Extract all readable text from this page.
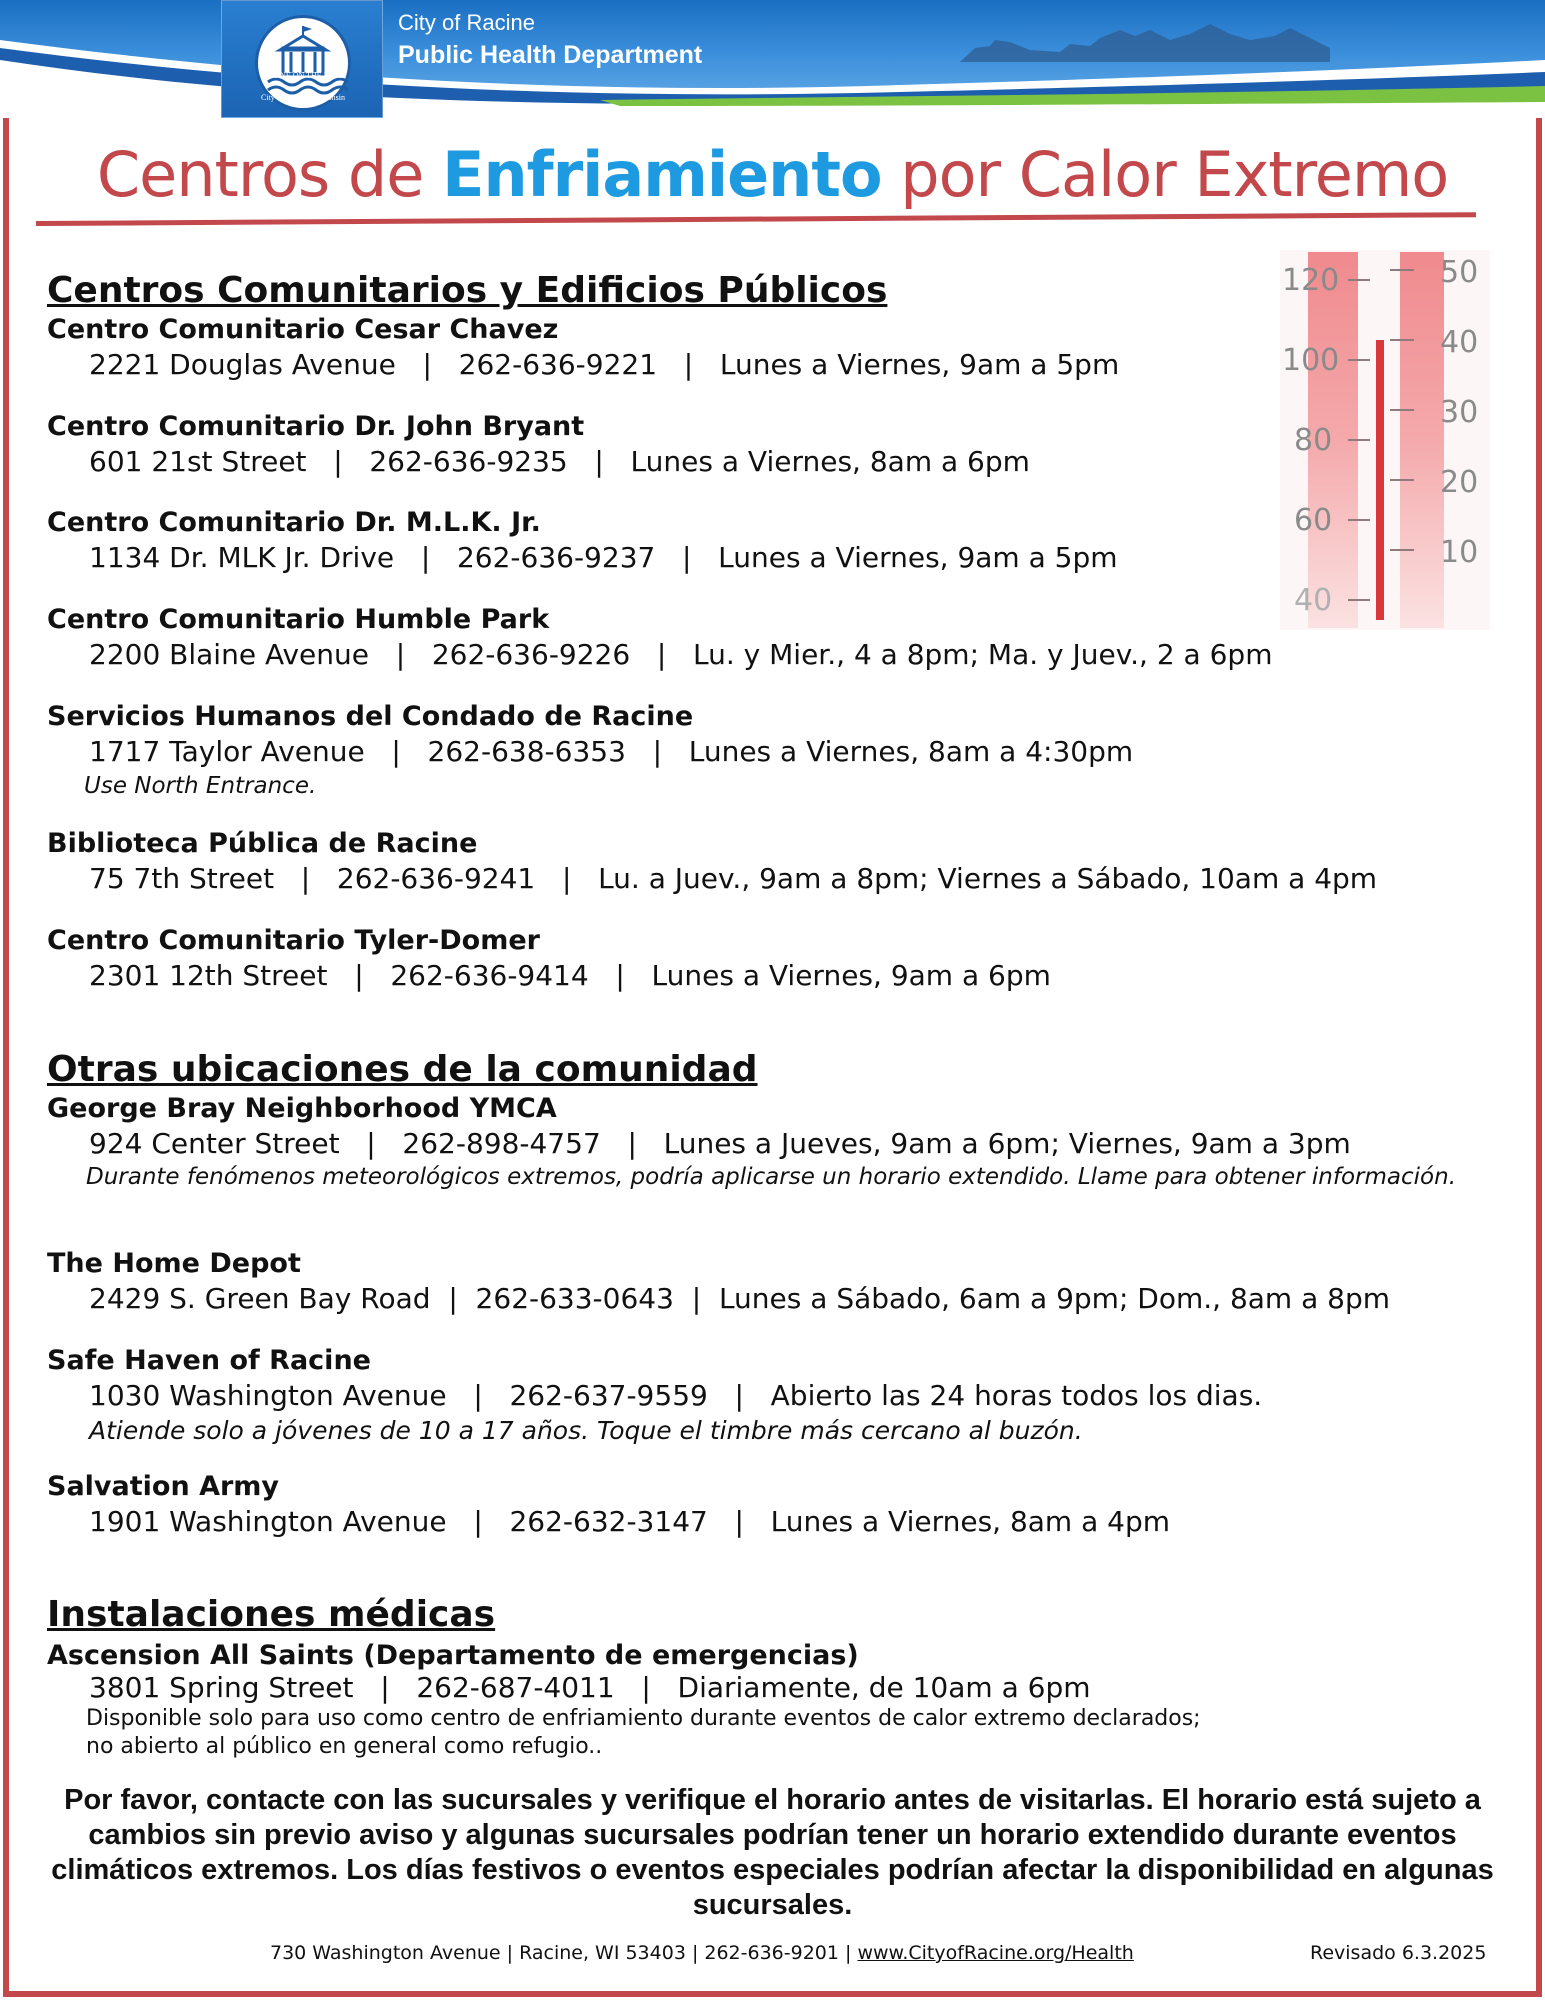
RACINE ON THE LAKE
City of Racine, Wisconsin
City of Racine
Public Health Department
Centros de Enfriamiento por Calor Extremo
120
100
80
60
40
50
40
30
20
10
Centros Comunitarios y Edificios Públicos
Centro Comunitario Cesar Chavez
2221 Douglas Avenue   |   262-636-9221   |   Lunes a Viernes, 9am a 5pm
Centro Comunitario Dr. John Bryant
601 21st Street   |   262-636-9235   |   Lunes a Viernes, 8am a 6pm
Centro Comunitario Dr. M.L.K. Jr.
1134 Dr. MLK Jr. Drive   |   262-636-9237   |   Lunes a Viernes, 9am a 5pm
Centro Comunitario Humble Park
2200 Blaine Avenue   |   262-636-9226   |   Lu. y Mier., 4 a 8pm; Ma. y Juev., 2 a 6pm
Servicios Humanos del Condado de Racine
1717 Taylor Avenue   |   262-638-6353   |   Lunes a Viernes, 8am a 4:30pm
Use North Entrance.
Biblioteca Pública de Racine
75 7th Street   |   262-636-9241   |   Lu. a Juev., 9am a 8pm; Viernes a Sábado, 10am a 4pm
Centro Comunitario Tyler-Domer
2301 12th Street   |   262-636-9414   |   Lunes a Viernes, 9am a 6pm
Otras ubicaciones de la comunidad
George Bray Neighborhood YMCA
924 Center Street   |   262-898-4757   |   Lunes a Jueves, 9am a 6pm; Viernes, 9am a 3pm
Durante fenómenos meteorológicos extremos, podría aplicarse un horario extendido. Llame para obtener información.
The Home Depot
2429 S. Green Bay Road  |  262-633-0643  |  Lunes a Sábado, 6am a 9pm; Dom., 8am a 8pm
Safe Haven of Racine
1030 Washington Avenue   |   262-637-9559   |   Abierto las 24 horas todos los dias.
Atiende solo a jóvenes de 10 a 17 años. Toque el timbre más cercano al buzón.
Salvation Army
1901 Washington Avenue   |   262-632-3147   |   Lunes a Viernes, 8am a 4pm
Instalaciones médicas
Ascension All Saints (Departamento de emergencias)
3801 Spring Street   |   262-687-4011   |   Diariamente, de 10am a 6pm
Disponible solo para uso como centro de enfriamiento durante eventos de calor extremo declarados;
no abierto al público en general como refugio..
Por favor, contacte con las sucursales y verifique el horario antes de visitarlas. El horario está sujeto a cambios sin previo aviso y algunas sucursales podrían tener un horario extendido durante eventos climáticos extremos. Los días festivos o eventos especiales podrían afectar la disponibilidad en algunas sucursales.
730 Washington Avenue | Racine, WI 53403 | 262-636-9201 | www.CityofRacine.org/Health	Revisado 6.3.2025
